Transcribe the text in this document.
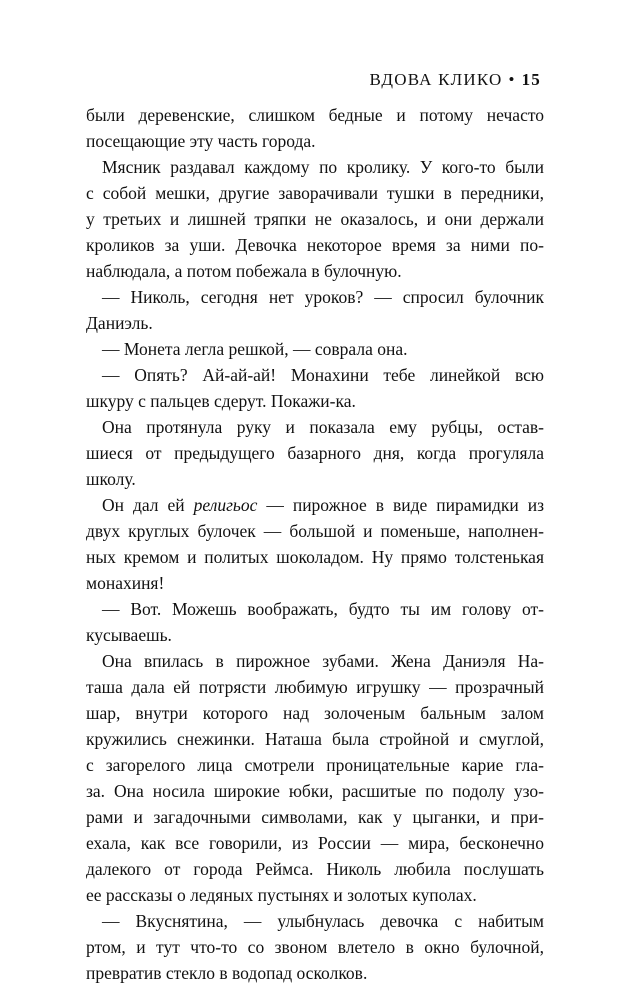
ВДОВА КЛИКО • 15
были деревенские, слишком бедные и потому нечасто
посещающие эту часть города.
Мясник раздавал каждому по кролику. У кого-то были
с собой мешки, другие заворачивали тушки в передники,
у третьих и лишней тряпки не оказалось, и они держали
кроликов за уши. Девочка некоторое время за ними по-
наблюдала, а потом побежала в булочную.
— Николь, сегодня нет уроков? — спросил булочник
Даниэль.
— Монета легла решкой, — соврала она.
— Опять? Ай-ай-ай! Монахини тебе линейкой всю
шкуру с пальцев сдерут. Покажи-ка.
Она протянула руку и показала ему рубцы, остав-
шиеся от предыдущего базарного дня, когда прогуляла
школу.
Он дал ей религьос — пирожное в виде пирамидки из
двух круглых булочек — большой и поменьше, наполнен-
ных кремом и политых шоколадом. Ну прямо толстенькая
монахиня!
— Вот. Можешь воображать, будто ты им голову от-
кусываешь.
Она впилась в пирожное зубами. Жена Даниэля На-
таша дала ей потрясти любимую игрушку — прозрачный
шар, внутри которого над золоченым бальным залом
кружились снежинки. Наташа была стройной и смуглой,
с загорелого лица смотрели проницательные карие гла-
за. Она носила широкие юбки, расшитые по подолу узо-
рами и загадочными символами, как у цыганки, и при-
ехала, как все говорили, из России — мира, бесконечно
далекого от города Реймса. Николь любила послушать
ее рассказы о ледяных пустынях и золотых куполах.
— Вкуснятина, — улыбнулась девочка с набитым
ртом, и тут что-то со звоном влетело в окно булочной,
превратив стекло в водопад осколков.
